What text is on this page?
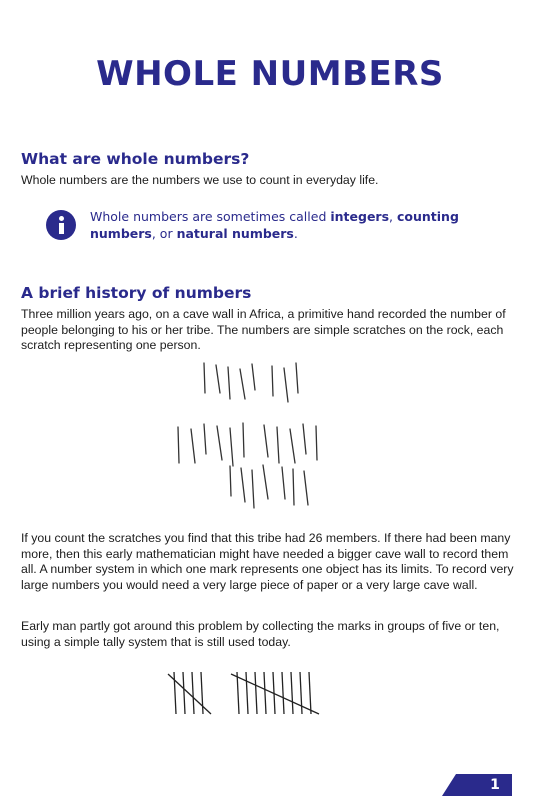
WHOLE NUMBERS
What are whole numbers?
Whole numbers are the numbers we use to count in everyday life.
Whole numbers are sometimes called integers, counting numbers, or natural numbers.
A brief history of numbers
Three million years ago, on a cave wall in Africa, a primitive hand recorded the number of people belonging to his or her tribe. The numbers are simple scratches on the rock, each scratch representing one person.
If you count the scratches you find that this tribe had 26 members. If there had been many more, then this early mathematician might have needed a bigger cave wall to record them all. A number system in which one mark represents one object has its limits. To record very large numbers you would need a very large piece of paper or a very large cave wall.
Early man partly got around this problem by collecting the marks in groups of five or ten, using a simple tally system that is still used today.
1
